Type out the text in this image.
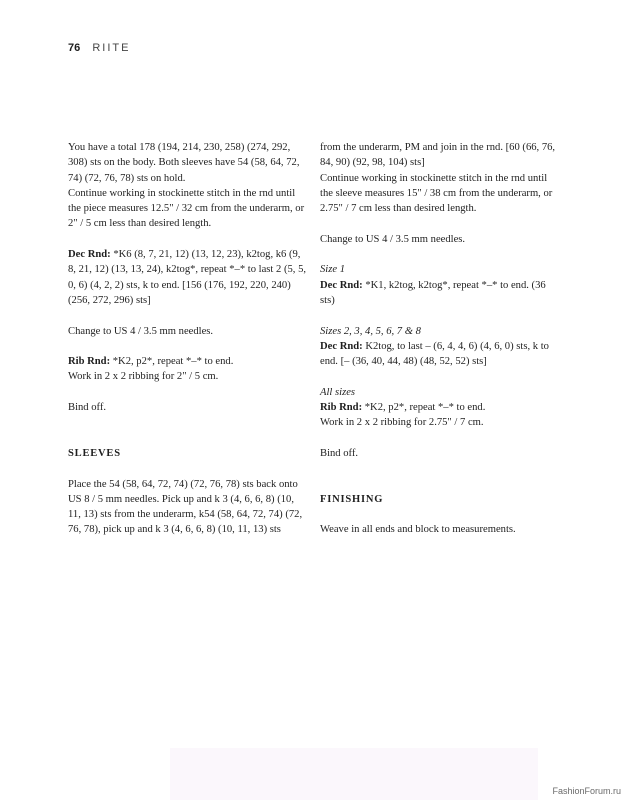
76 RIITE
You have a total 178 (194, 214, 230, 258) (274, 292, 308) sts on the body. Both sleeves have 54 (58, 64, 72, 74) (72, 76, 78) sts on hold.

Continue working in stockinette stitch in the rnd until the piece measures 12.5" / 32 cm from the underarm, or 2" / 5 cm less than desired length.

Dec Rnd: *K6 (8, 7, 21, 12) (13, 12, 23), k2tog, k6 (9, 8, 21, 12) (13, 13, 24), k2tog*, repeat *–* to last 2 (5, 5, 0, 6) (4, 2, 2) sts, k to end. [156 (176, 192, 220, 240) (256, 272, 296) sts]

Change to US 4 / 3.5 mm needles.

Rib Rnd: *K2, p2*, repeat *–* to end.

Work in 2 x 2 ribbing for 2" / 5 cm.

Bind off.

SLEEVES

Place the 54 (58, 64, 72, 74) (72, 76, 78) sts back onto US 8 / 5 mm needles. Pick up and k 3 (4, 6, 6, 8) (10, 11, 13) sts from the underarm, k54 (58, 64, 72, 74) (72, 76, 78), pick up and k 3 (4, 6, 6, 8) (10, 11, 13) sts

from the underarm, PM and join in the rnd. [60 (66, 76, 84, 90) (92, 98, 104) sts]

Continue working in stockinette stitch in the rnd until the sleeve measures 15" / 38 cm from the underarm, or 2.75" / 7 cm less than desired length.

Change to US 4 / 3.5 mm needles.

Size 1

Dec Rnd: *K1, k2tog, k2tog*, repeat *–* to end. (36 sts)

Sizes 2, 3, 4, 5, 6, 7 & 8

Dec Rnd: K2tog, to last – (6, 4, 4, 6) (4, 6, 0) sts, k to end. [– (36, 40, 44, 48) (48, 52, 52) sts]

All sizes
Rib Rnd: *K2, p2*, repeat *–* to end.

Work in 2 x 2 ribbing for 2.75" / 7 cm.

Bind off.

FINISHING

Weave in all ends and block to measurements.

FashionForum.ru
